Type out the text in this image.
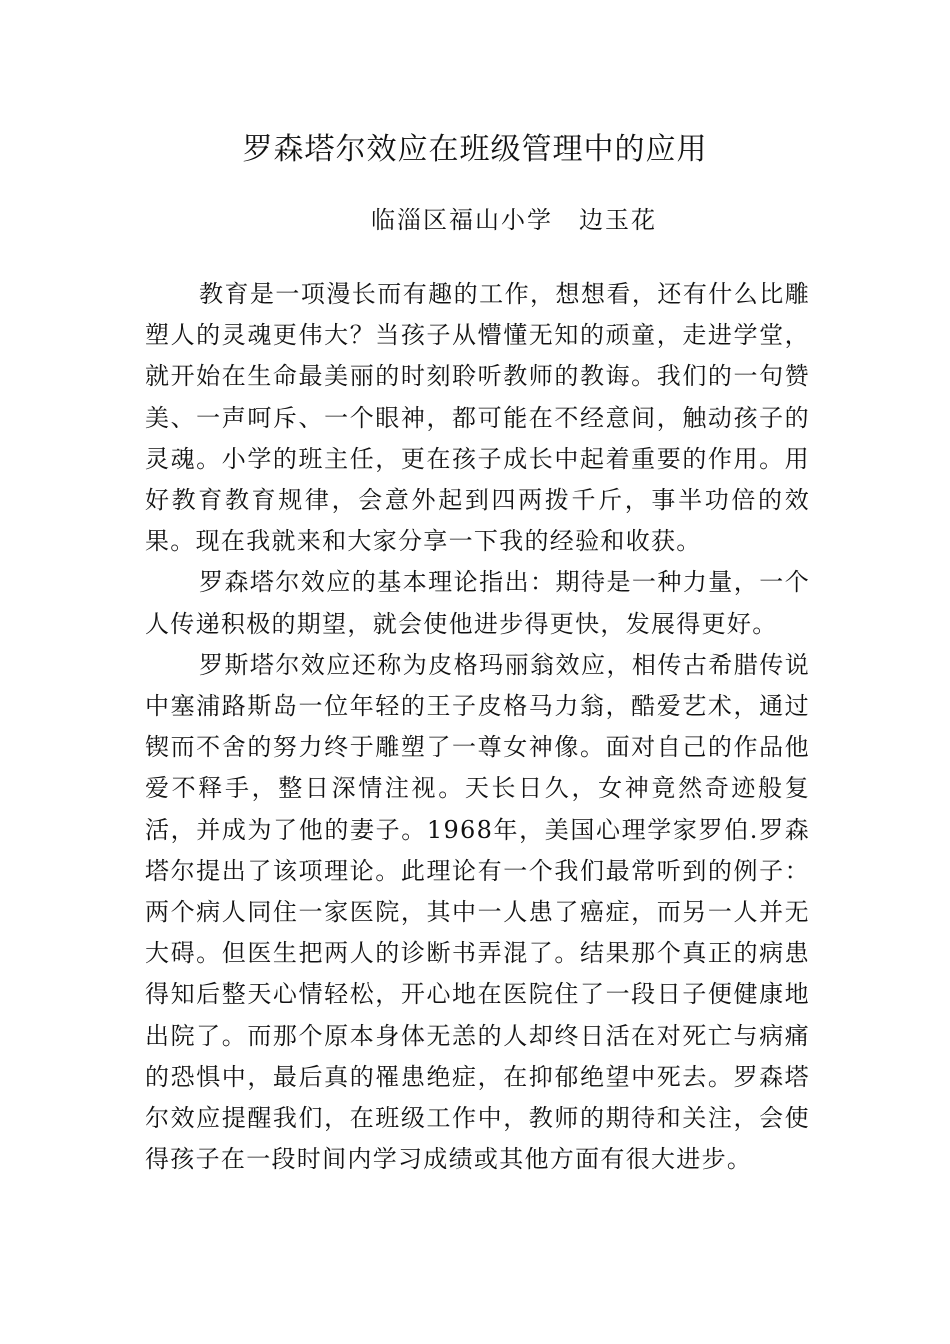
罗森塔尔效应在班级管理中的应用
临淄区福山小学　边玉花

教育是一项漫长而有趣的工作，想想看，还有什么比雕塑人的灵魂更伟大？当孩子从懵懂无知的顽童，走进学堂，就开始在生命最美丽的时刻聆听教师的教诲。我们的一句赞美、一声呵斥、一个眼神，都可能在不经意间，触动孩子的灵魂。小学的班主任，更在孩子成长中起着重要的作用。用好教育教育规律，会意外起到四两拨千斤，事半功倍的效果。现在我就来和大家分享一下我的经验和收获。

罗森塔尔效应的基本理论指出：期待是一种力量，一个人传递积极的期望，就会使他进步得更快，发展得更好。

罗斯塔尔效应还称为皮格玛丽翁效应，相传古希腊传说中塞浦路斯岛一位年轻的王子皮格马力翁，酷爱艺术，通过锲而不舍的努力终于雕塑了一尊女神像。面对自己的作品他爱不释手，整日深情注视。天长日久，女神竟然奇迹般复活，并成为了他的妻子。1968年，美国心理学家罗伯.罗森塔尔提出了该项理论。此理论有一个我们最常听到的例子：两个病人同住一家医院，其中一人患了癌症，而另一人并无大碍。但医生把两人的诊断书弄混了。结果那个真正的病患得知后整天心情轻松，开心地在医院住了一段日子便健康地出院了。而那个原本身体无恙的人却终日活在对死亡与病痛的恐惧中，最后真的罹患绝症，在抑郁绝望中死去。罗森塔尔效应提醒我们，在班级工作中，教师的期待和关注，会使得孩子在一段时间内学习成绩或其他方面有很大进步。
